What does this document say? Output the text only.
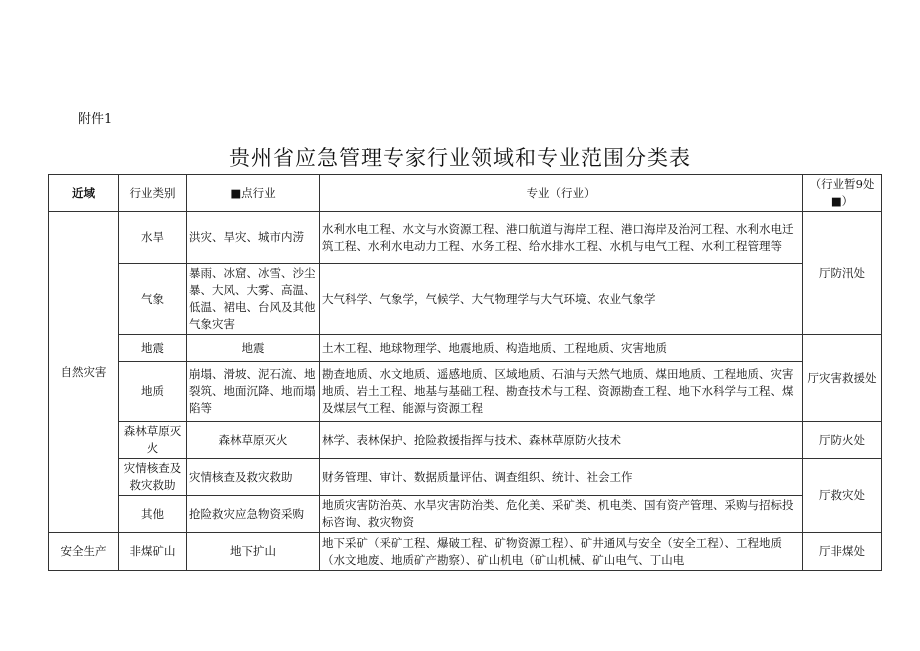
附件1
贵州省应急管理专家行业领域和专业范围分类表
近域	行业类别	■点行业	专业（行业）	（行业暂9处■）
自然灾害	水旱	洪灾、旱灾、城市内涝	水利水电工程、水文与水资源工程、港口航道与海岸工程、港口海岸及治河工程、水利水电迁筑工程、水利水电动力工程、水务工程、给水排水工程、水机与电气工程、水利工程管理等	厅防汛处
	气象	暴雨、冰窟、冰雪、沙尘暴、大风、大雾、高温、低温、裙电、台风及其他气象灾害	大气科学、气象学，气候学、大气物理学与大气环境、农业气象学	
	地震	地震	土木工程、地球物理学、地震地质、构造地质、工程地质、灾害地质	厅灾害救援处
	地质	崩塌、滑坡、泥石流、地裂筑、地面沉降、地而塌陷等	勘查地质、水文地质、遥感地质、区域地质、石油与天然气地质、煤田地质、工程地质、灾害地质、岩土工程、地基与基础工程、勘查技术与工程、资源勘查工程、地下水科学与工程、煤及煤层气工程、能源与资源工程	
	森林草原灭火	森林草原灭火	林学、表林保护、抢险救援指挥与技术、森林草原防火技术	厅防火处
	灾情核查及救灾救助	灾情核查及救灾救助	财务管理、审计、数据质量评估、调查组织、统计、社会工作	厅救灾处
	其他	抢险救灾应急物资采购	地质灾害防治英、水旱灾害防治类、危化美、采矿类、机电类、国有资产管理、采购与招标投标咨询、救灾物资	
安全生产	非煤矿山	地下扩山	地下采矿（釆矿工程、爆破工程、矿物资源工程）、矿井通风与安全（安全工程）、工程地质（水文地废、地质矿产勘察）、矿山机电（矿山机械、矿山电气、丁山电	厅非煤处
